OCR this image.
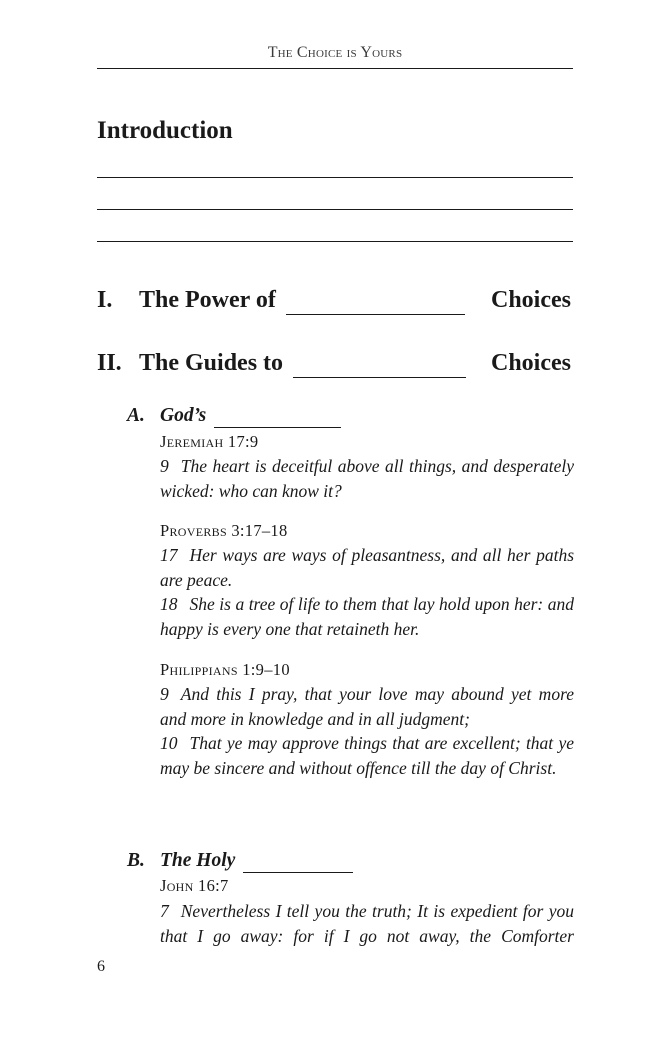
The Choice is Yours
Introduction
I. The Power of	Choices
II. The Guides to	Choices
A. God’s
Jeremiah 17:9

9 The heart is deceitful above all things, and desperately wicked: who can know it?

Proverbs 3:17–18

17 Her ways are ways of pleasantness, and all her paths are peace.

18 She is a tree of life to them that lay hold upon her: and happy is every one that retaineth her.

Philippians 1:9–10

9 And this I pray, that your love may abound yet more and more in knowledge and in all judgment;

10 That ye may approve things that are excellent; that ye may be sincere and without offence till the day of Christ.

B. The Holy
John 16:7

7 Nevertheless I tell you the truth; It is expedient for you that I go away: for if I go not away, the Comforter

6
